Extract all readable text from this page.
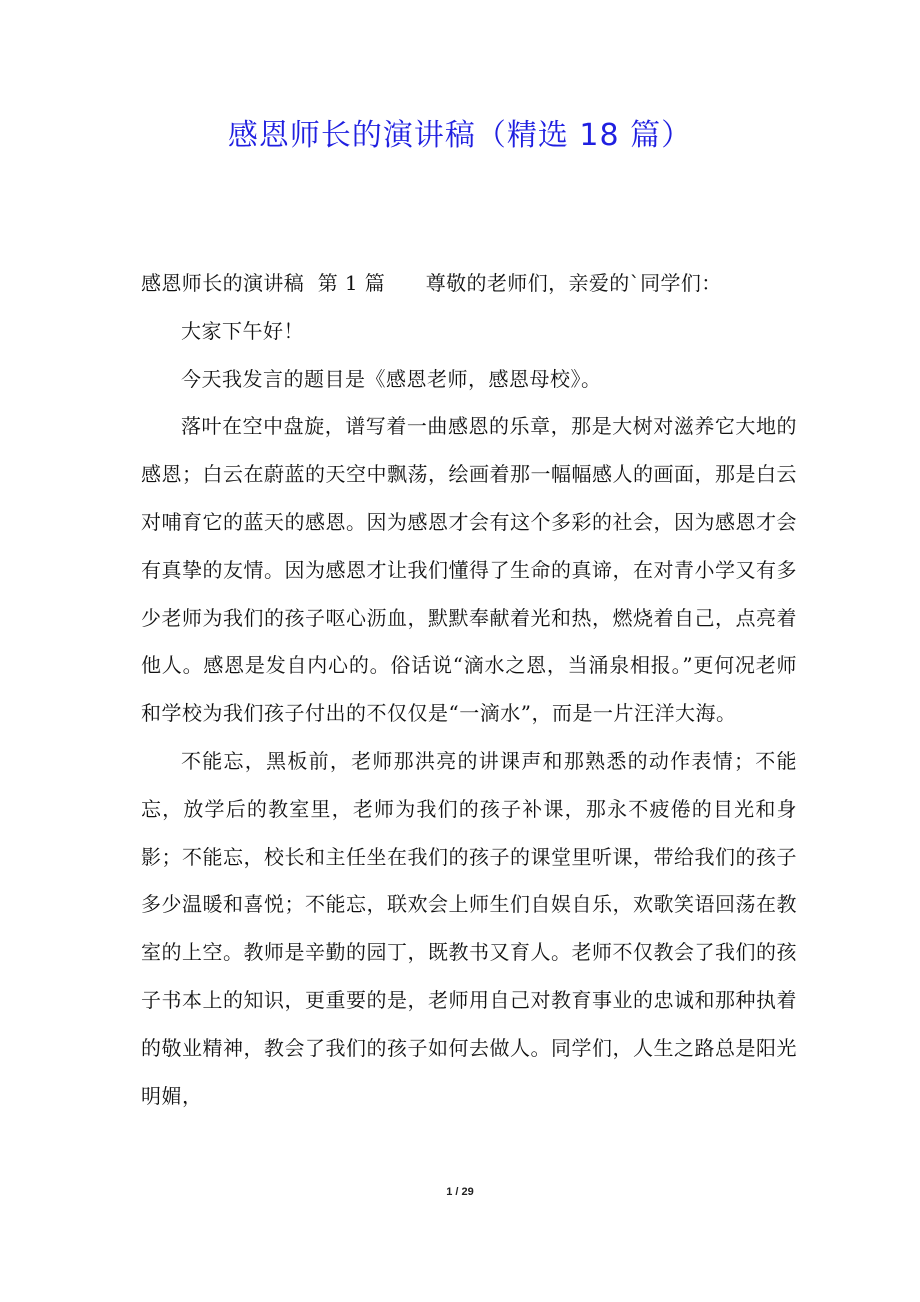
感恩师长的演讲稿（精选 18 篇）

感恩师长的演讲稿  第 1 篇      尊敬的老师们，亲爱的`同学们：

大家下午好！

今天我发言的题目是《感恩老师，感恩母校》。

落叶在空中盘旋，谱写着一曲感恩的乐章，那是大树对滋养它大地的感恩；白云在蔚蓝的天空中飘荡，绘画着那一幅幅感人的画面，那是白云对哺育它的蓝天的感恩。因为感恩才会有这个多彩的社会，因为感恩才会有真挚的友情。因为感恩才让我们懂得了生命的真谛，在对青小学又有多少老师为我们的孩子呕心沥血，默默奉献着光和热，燃烧着自己，点亮着他人。感恩是发自内心的。俗话说“滴水之恩，当涌泉相报。”更何况老师和学校为我们孩子付出的不仅仅是“一滴水”，而是一片汪洋大海。

不能忘，黑板前，老师那洪亮的讲课声和那熟悉的动作表情；不能忘，放学后的教室里，老师为我们的孩子补课，那永不疲倦的目光和身影；不能忘，校长和主任坐在我们的孩子的课堂里听课，带给我们的孩子多少温暖和喜悦；不能忘，联欢会上师生们自娱自乐，欢歌笑语回荡在教室的上空。教师是辛勤的园丁，既教书又育人。老师不仅教会了我们的孩子书本上的知识，更重要的是，老师用自己对教育事业的忠诚和那种执着的敬业精神，教会了我们的孩子如何去做人。同学们，人生之路总是阳光明媚，

1 / 29
